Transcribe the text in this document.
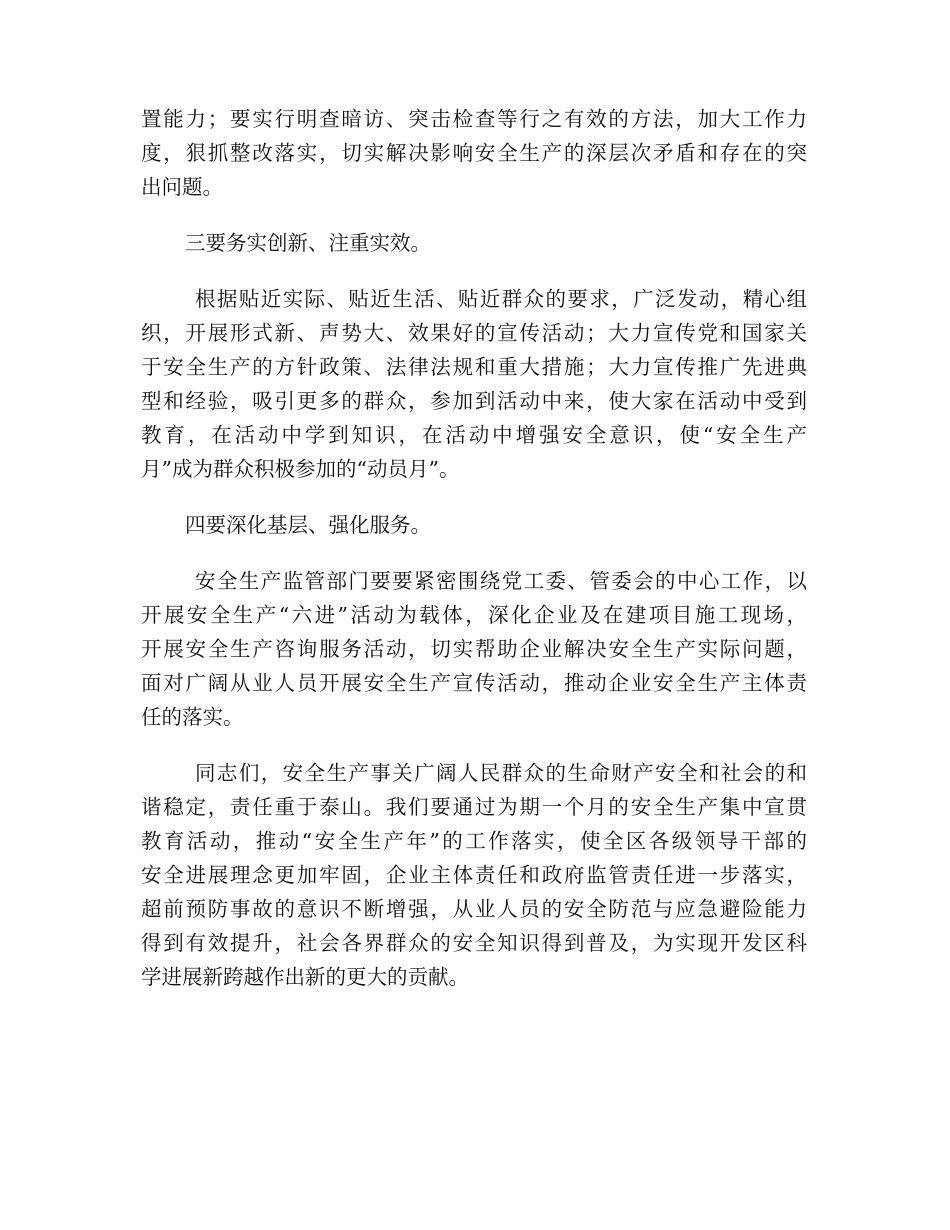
置能力；要实行明查暗访、突击检查等行之有效的方法，加大工作力
度，狠抓整改落实，切实解决影响安全生产的深层次矛盾和存在的突
出问题。
三要务实创新、注重实效。
根据贴近实际、贴近生活、贴近群众的要求，广泛发动，精心组
织，开展形式新、声势大、效果好的宣传活动；大力宣传党和国家关
于安全生产的方针政策、法律法规和重大措施；大力宣传推广先进典
型和经验，吸引更多的群众，参加到活动中来，使大家在活动中受到
教育，在活动中学到知识，在活动中增强安全意识，使“安全生产
月”成为群众积极参加的“动员月”。
四要深化基层、强化服务。
安全生产监管部门要要紧密围绕党工委、管委会的中心工作，以
开展安全生产“六进”活动为载体，深化企业及在建项目施工现场，
开展安全生产咨询服务活动，切实帮助企业解决安全生产实际问题，
面对广阔从业人员开展安全生产宣传活动，推动企业安全生产主体责
任的落实。
同志们，安全生产事关广阔人民群众的生命财产安全和社会的和
谐稳定，责任重于泰山。我们要通过为期一个月的安全生产集中宣贯
教育活动，推动“安全生产年”的工作落实，使全区各级领导干部的
安全进展理念更加牢固，企业主体责任和政府监管责任进一步落实，
超前预防事故的意识不断增强，从业人员的安全防范与应急避险能力
得到有效提升，社会各界群众的安全知识得到普及，为实现开发区科
学进展新跨越作出新的更大的贡献。
